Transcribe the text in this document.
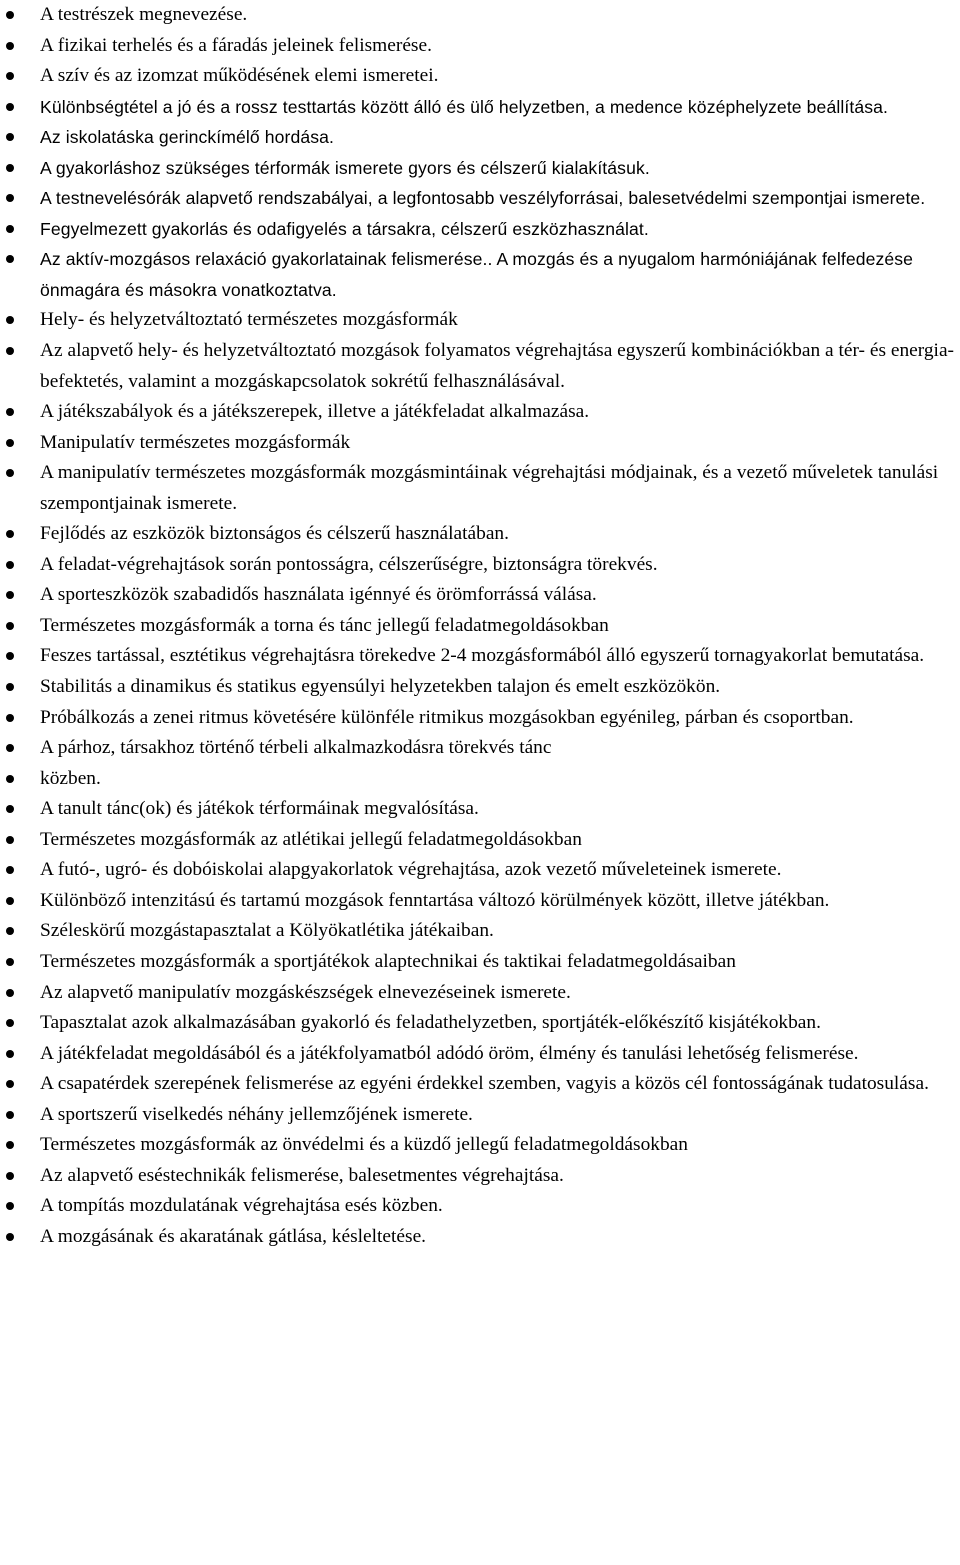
A testrészek megnevezése.
A fizikai terhelés és a fáradás jeleinek felismerése.
A szív és az izomzat működésének elemi ismeretei.
Különbségtétel a jó és a rossz testtartás között álló és ülő helyzetben, a medence középhelyzete beállítása.
Az iskolatáska gerinckímélő hordása.
A gyakorláshoz szükséges térformák ismerete gyors és célszerű kialakításuk.
A testnevelésórák alapvető rendszabályai, a legfontosabb veszélyforrásai, balesetvédelmi szempontjai ismerete.
Fegyelmezett gyakorlás és odafigyelés a társakra, célszerű eszközhasználat.
Az aktív-mozgásos relaxáció gyakorlatainak felismerése.. A mozgás és a nyugalom harmóniájának felfedezése önmagára és másokra vonatkoztatva.
Hely- és helyzetváltoztató természetes mozgásformák
Az alapvető hely- és helyzetváltoztató mozgások folyamatos végrehajtása egyszerű kombinációkban a tér- és energia-befektetés, valamint a mozgáskapcsolatok sokrétű felhasználásával.
A játékszabályok és a játékszerepek, illetve a játékfeladat alkalmazása.
Manipulatív természetes mozgásformák
A manipulatív természetes mozgásformák mozgásmintáinak végrehajtási módjainak, és a vezető műveletek tanulási szempontjainak ismerete.
Fejlődés az eszközök biztonságos és célszerű használatában.
A feladat-végrehajtások során pontosságra, célszerűségre, biztonságra törekvés.
A sporteszközök szabadidős használata igénnyé és örömforrássá válása.
Természetes mozgásformák a torna és tánc jellegű feladatmegoldásokban
Feszes tartással, esztétikus végrehajtásra törekedve 2-4 mozgásformából álló egyszerű tornagyakorlat bemutatása.
Stabilitás a dinamikus és statikus egyensúlyi helyzetekben talajon és emelt eszközökön.
Próbálkozás a zenei ritmus követésére különféle ritmikus mozgásokban egyénileg, párban és csoportban.
A párhoz, társakhoz történő térbeli alkalmazkodásra törekvés tánc
közben.
A tanult tánc(ok) és játékok térformáinak megvalósítása.
Természetes mozgásformák az atlétikai jellegű feladatmegoldásokban
A futó-, ugró- és dobóiskolai alapgyakorlatok végrehajtása, azok vezető műveleteinek ismerete.
Különböző intenzitású és tartamú mozgások fenntartása változó körülmények között, illetve játékban.
Széleskörű mozgástapasztalat a Kölyökatlétika játékaiban.
Természetes mozgásformák a sportjátékok alaptechnikai és taktikai feladatmegoldásaiban
Az alapvető manipulatív mozgáskészségek elnevezéseinek ismerete.
Tapasztalat azok alkalmazásában gyakorló és feladathelyzetben, sportjáték-előkészítő kisjátékokban.
A játékfeladat megoldásából és a játékfolyamatból adódó öröm, élmény és tanulási lehetőség felismerése.
A csapatérdek szerepének felismerése az egyéni érdekkel szemben, vagyis a közös cél fontosságának tudatosulása.
A sportszerű viselkedés néhány jellemzőjének ismerete.
Természetes mozgásformák az önvédelmi és a küzdő jellegű feladatmegoldásokban
Az alapvető eséstechnikák felismerése, balesetmentes végrehajtása.
A tompítás mozdulatának végrehajtása esés közben.
A mozgásának és akaratának gátlása, késleltetése.
